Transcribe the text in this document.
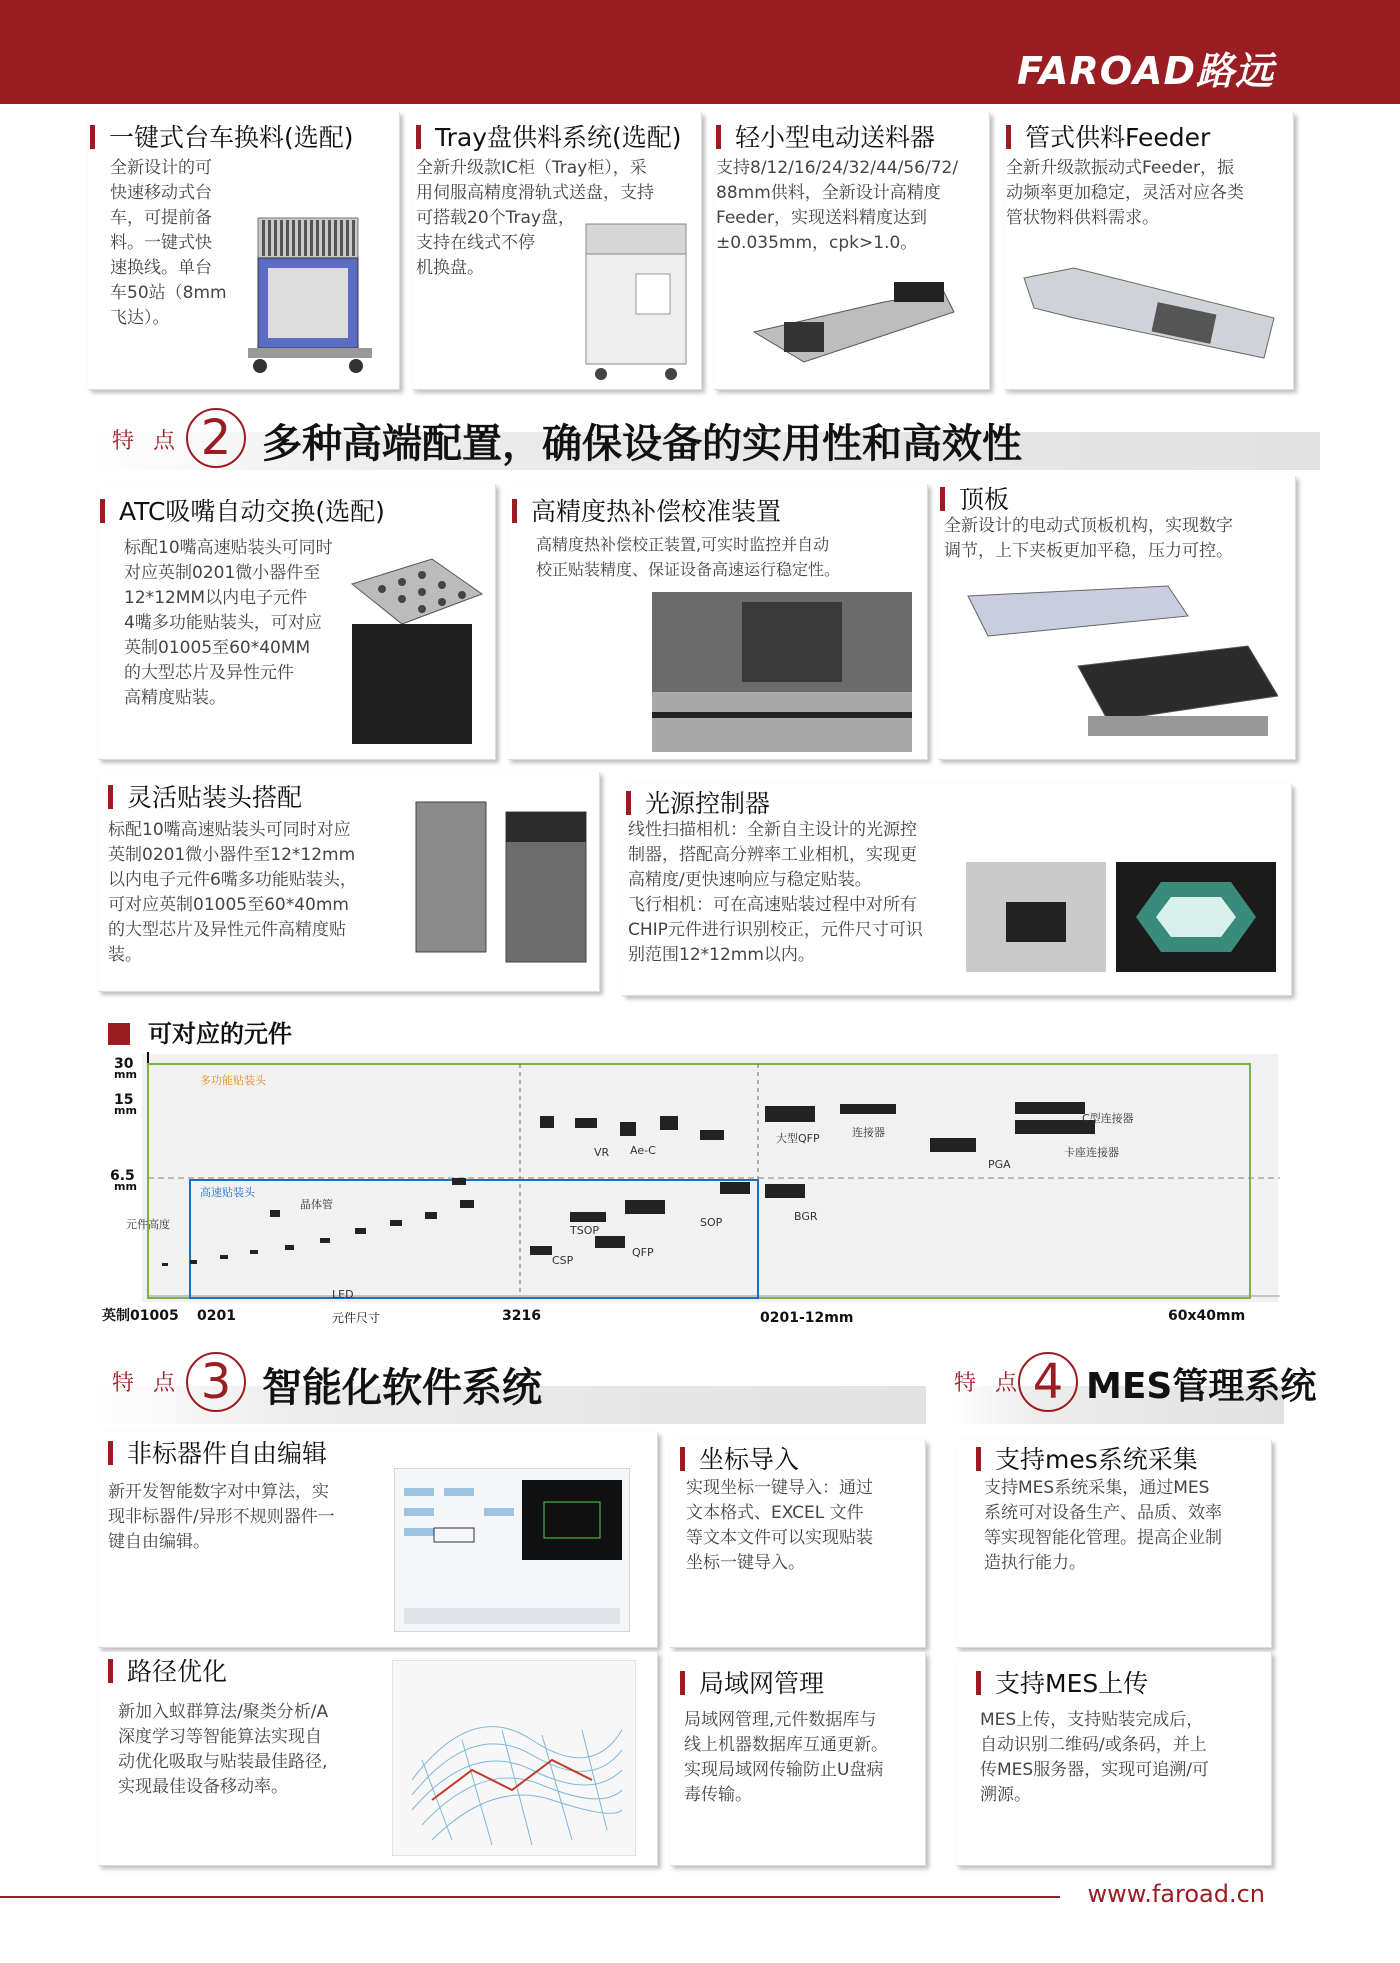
FAROAD路远
一键式台车换料(选配)
全新设计的可
快速移动式台
车，可提前备
料。一键式快
速换线。单台
车50站（8mm
飞达）。
Tray盘供料系统(选配)
全新升级款IC柜（Tray柜），采
用伺服高精度滑轨式送盘，支持
可搭载20个Tray盘，
支持在线式不停
机换盘。
轻小型电动送料器
支持8/12/16/24/32/44/56/72/
88mm供料，全新设计高精度
Feeder，实现送料精度达到
±0.035mm，cpk>1.0。
管式供料Feeder
全新升级款振动式Feeder，振
动频率更加稳定，灵活对应各类
管状物料供料需求。
特 点 2 多种高端配置，确保设备的实用性和高效性
ATC吸嘴自动交换(选配)
标配10嘴高速贴装头可同时
对应英制0201微小器件至
12*12MM以内电子元件
4嘴多功能贴装头，可对应
英制01005至60*40MM
的大型芯片及异性元件
高精度贴装。
高精度热补偿校准装置
高精度热补偿校正装置,可实时监控并自动
校正贴装精度、保证设备高速运行稳定性。
顶板
全新设计的电动式顶板机构，实现数字
调节，上下夹板更加平稳，压力可控。
灵活贴装头搭配
标配10嘴高速贴装头可同时对应
英制0201微小器件至12*12mm
以内电子元件6嘴多功能贴装头，
可对应英制01005至60*40mm
的大型芯片及异性元件高精度贴
装。
光源控制器
线性扫描相机：全新自主设计的光源控
制器，搭配高分辨率工业相机，实现更
高精度/更快速响应与稳定贴装。
飞行相机：可在高速贴装过程中对所有
CHIP元件进行识别校正，元件尺寸可识
别范围12*12mm以内。
可对应的元件
晶体管
LED
VR Ae-C
TSOP
SOP
CSP
QFP
大型QFP	连接器
PGA
BGR
C型连接器
卡座连接器
多功能贴装头
高速贴装头
30
mm
15
mm
6.5
mm
元件高度
英制01005 0201	3216	0201-12mm	60x40mm
元件尺寸
特 点 3 智能化软件系统	特 点 4 MES管理系统
非标器件自由编辑
新开发智能数字对中算法，实
现非标器件/异形不规则器件一
键自由编辑。
坐标导入
实现坐标一键导入：通过
文本格式、EXCEL 文件
等文本文件可以实现贴装
坐标一键导入。
支持mes系统采集
支持MES系统采集，通过MES
系统可对设备生产、品质、效率
等实现智能化管理。提高企业制
造执行能力。
路径优化
新加入蚁群算法/聚类分析/A
深度学习等智能算法实现自
动优化吸取与贴装最佳路径,
实现最佳设备移动率。
局域网管理
局域网管理,元件数据库与
线上机器数据库互通更新。
实现局域网传输防止U盘病
毒传输。
支持MES上传
MES上传，支持贴装完成后，
自动识别二维码/或条码，并上
传MES服务器，实现可追溯/可
溯源。
www.faroad.cn
